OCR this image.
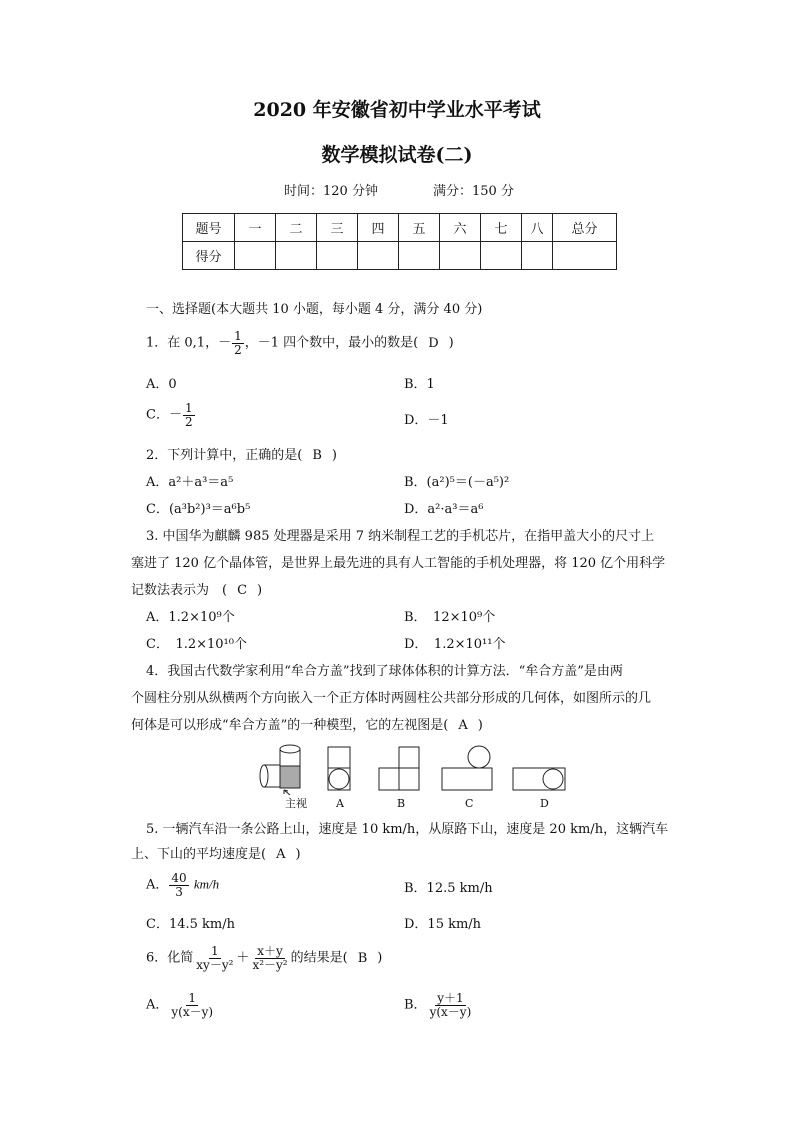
2020 年安徽省初中学业水平考试
数学模拟试卷(二)
时间：120 分钟	满分：150 分
题号	一	二	三	四	五	六	七	八	总分
得分									
一、选择题(本大题共 10 小题，每小题 4 分，满分 40 分)
1．在 0,1，－ $\frac{1}{2}$ ，－1 四个数中，最小的数是( D )
A．0	B．1
C．－ $\frac{1}{2}$	D．－1
2．下列计算中，正确的是( B )
A．a²＋a³＝a⁵	B．(a²)⁵＝(－a⁵)²
C．(a³b²)³＝a⁶b⁵	D．a²·a³＝a⁶
3. 中国华为麒麟 985 处理器是采用 7 纳米制程工艺的手机芯片，在指甲盖大小的尺寸上
塞进了 120 亿个晶体管，是世界上最先进的具有人工智能的手机处理器，将 120 亿个用科学
记数法表示为　( C )
A．1.2×10⁹个	B．　12×10⁹个
C．　1.2×10¹⁰个	D．　1.2×10¹¹个
4．我国古代数学家利用“牟合方盖”找到了球体体积的计算方法．“牟合方盖”是由两
个圆柱分别从纵横两个方向嵌入一个正方体时两圆柱公共部分形成的几何体，如图所示的几
何体是可以形成“牟合方盖”的一种模型，它的左视图是( A )
主视	A	B	C	D
5. 一辆汽车沿一条公路上山，速度是 10 km/h，从原路下山，速度是 20 km/h，这辆汽车
上、下山的平均速度是( A )
A． $\frac{40}{3} km/h$	B．12.5 km/h
C．14.5 km/h	D．15 km/h
6．化简 $\frac{1}{\text{xy－y²}} + \frac{x+y}{\text{x²－y²}}$ 的结果是( B )
A． $\frac{1}{y(x-y)}$	B． $\frac{y+1}{y(x-y)}$
